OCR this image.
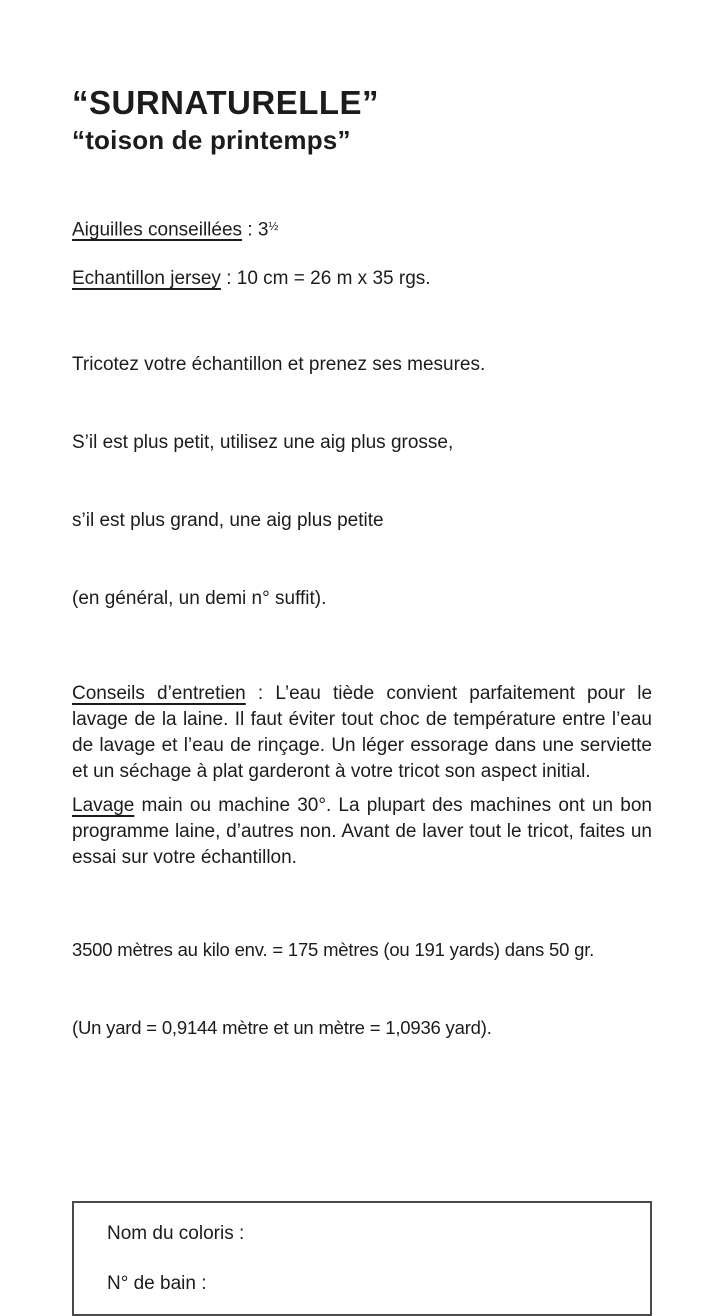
“SURNATURELLE”
“toison de printemps”

Aiguilles conseillées : $3^{\frac{1}{2}}$

Echantillon jersey : 10 cm = 26 m x 35 rgs.

Tricotez votre échantillon et prenez ses mesures.

S’il est plus petit, utilisez une aig plus grosse,

s’il est plus grand, une aig plus petite

(en général, un demi n° suffit).

Conseils d’entretien : L’eau tiède convient parfaitement pour le lavage de la laine. Il faut éviter tout choc de température entre l’eau de lavage et l’eau de rinçage. Un léger essorage dans une serviette et un séchage à plat garderont à votre tricot son aspect initial.

Lavage main ou machine 30°. La plupart des machines ont un bon programme laine, d’autres non. Avant de laver tout le tricot, faites un essai sur votre échantillon.

3500 mètres au kilo env. = 175 mètres (ou 191 yards) dans 50 gr.

(Un yard = 0,9144 mètre et un mètre = 1,0936 yard).

Nom du coloris :
N° de bain :
